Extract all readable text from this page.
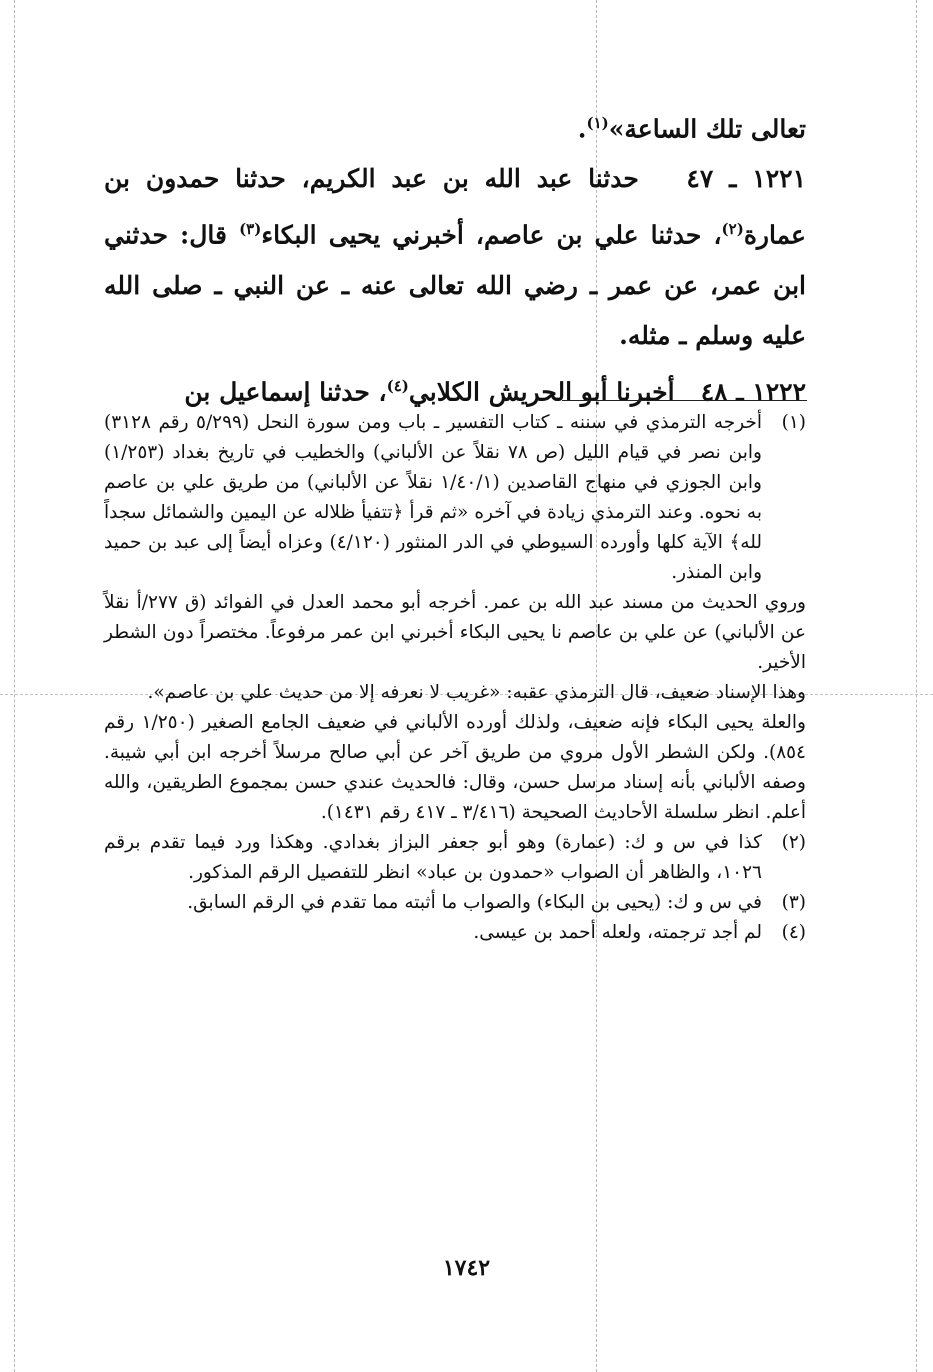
تعالى تلك الساعة»$^{(١)}$.
١٢٢١ ـ ٤٧   حدثنا عبد الله بن عبد الكريم، حدثنا حمدون بن عمارة$^{(٢)}$، حدثنا علي بن عاصم، أخبرني يحيى البكاء$^{(٣)}$ قال: حدثني ابن عمر، عن عمر ـ رضي الله تعالى عنه ـ عن النبي ـ صلى الله عليه وسلم ـ مثله.
١٢٢٢ ـ ٤٨   أخبرنا أبو الحريش الكلابي$^{(٤)}$، حدثنا إسماعيل بن
(١)
أخرجه الترمذي في سننه ـ كتاب التفسير ـ باب ومن سورة النحل (٥/٢٩٩ رقم ٣١٢٨) وابن نصر في قيام الليل (ص ٧٨ نقلاً عن الألباني) والخطيب في تاريخ بغداد (١/٢٥٣) وابن الجوزي في منهاج القاصدين (١/٤٠/١ نقلاً عن الألباني) من طريق علي بن عاصم به نحوه. وعند الترمذي زيادة في آخره «ثم قرأ ﴿تتفيأ ظلاله عن اليمين والشمائل سجداً لله﴾ الآية كلها وأورده السيوطي في الدر المنثور (٤/١٢٠) وعزاه أيضاً إلى عبد بن حميد وابن المنذر.
وروي الحديث من مسند عبد الله بن عمر. أخرجه أبو محمد العدل في الفوائد (ق ٢٧٧/أ نقلاً عن الألباني) عن علي بن عاصم نا يحيى البكاء أخبرني ابن عمر مرفوعاً. مختصراً دون الشطر الأخير.
وهذا الإسناد ضعيف، قال الترمذي عقبه: «غريب لا نعرفه إلا من حديث علي بن عاصم».
والعلة يحيى البكاء فإنه ضعيف، ولذلك أورده الألباني في ضعيف الجامع الصغير (١/٢٥٠ رقم ٨٥٤). ولكن الشطر الأول مروي من طريق آخر عن أبي صالح مرسلاً أخرجه ابن أبي شيبة. وصفه الألباني بأنه إسناد مرسل حسن، وقال: فالحديث عندي حسن بمجموع الطريقين، والله أعلم. انظر سلسلة الأحاديث الصحيحة (٣/٤١٦ ـ ٤١٧ رقم ١٤٣١).
(٢)
كذا في س و ك: (عمارة) وهو أبو جعفر البزاز بغدادي. وهكذا ورد فيما تقدم برقم ١٠٢٦، والظاهر أن الصواب «حمدون بن عباد» انظر للتفصيل الرقم المذكور.
(٣)
في س و ك: (يحيى بن البكاء) والصواب ما أثبته مما تقدم في الرقم السابق.
(٤)
لم أجد ترجمته، ولعله أحمد بن عيسى.
١٧٤٢
